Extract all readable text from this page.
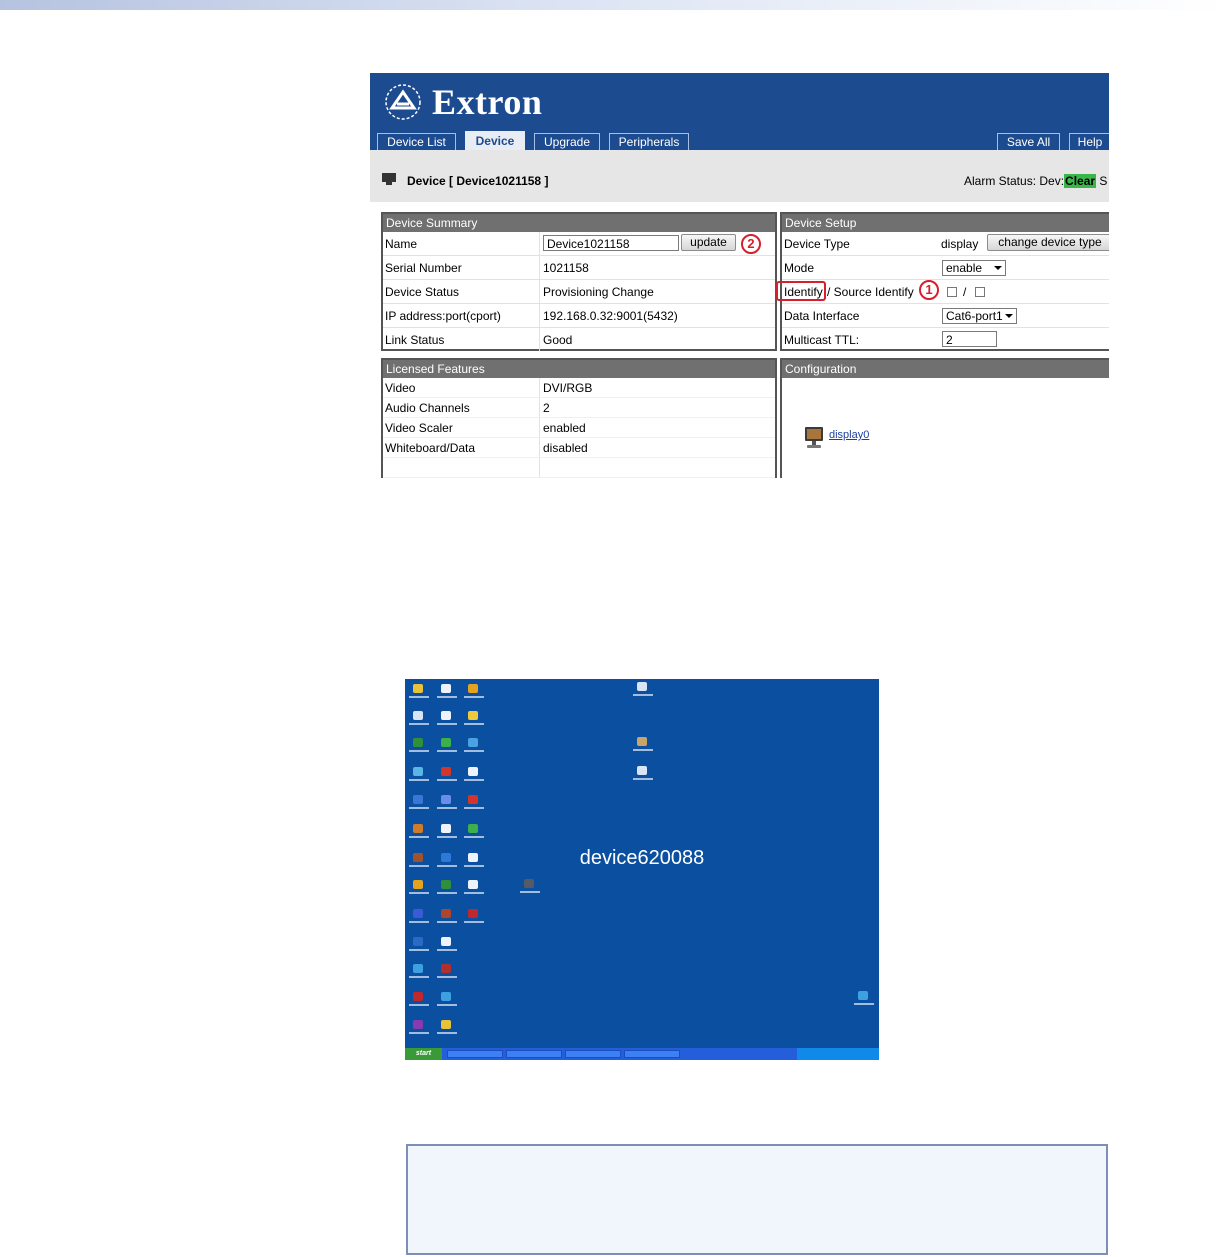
Extron
Device List Device Upgrade Peripherals	Save All Help
Device [ Device1021158 ]	Alarm Status: Dev:Clear S
Device Summary
Name	Device1021158	update
Serial Number	1021158
Device Status	Provisioning Change
IP address:port(cport)	192.168.0.32:9001(5432)
Link Status	Good
2
Device Setup
Device Type	display	change device type
Mode	enable
Identify / Source Identify	/
Data Interface	Cat6-port1
Multicast TTL:	2
1
Licensed Features
Video	DVI/RGB
Audio Channels	2
Video Scaler	enabled
Whiteboard/Data	disabled
Configuration
display0
device620088
start
